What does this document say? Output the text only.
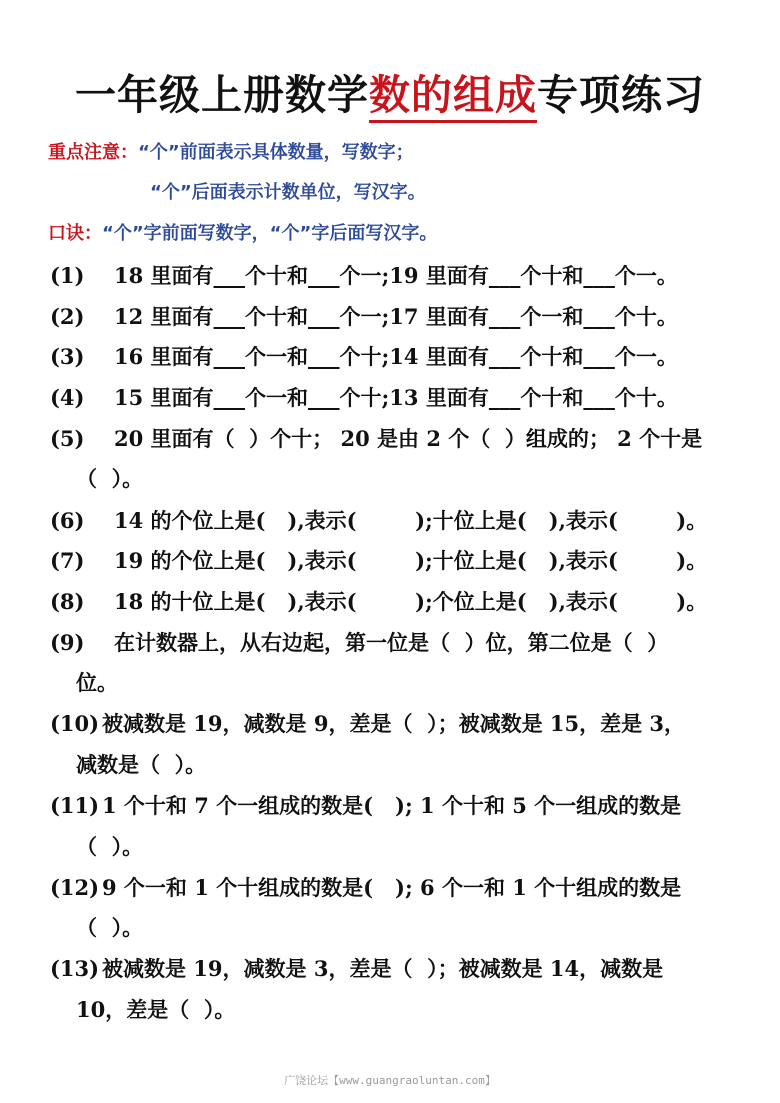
一年级上册数学数的组成专项练习
重点注意：“个”前面表示具体数量，写数字；
“个”后面表示计数单位，写汉字。
口诀：“个”字前面写数字，“个”字后面写汉字。
(1) 18 里面有___个十和___个一;19 里面有___个十和___个一。
(2) 12 里面有___个十和___个一;17 里面有___个一和___个十。
(3) 16 里面有___个一和___个十;14 里面有___个十和___个一。
(4) 15 里面有___个一和___个十;13 里面有___个十和___个十。
(5) 20 里面有（  ）个十； 20 是由 2 个（  ）组成的； 2 个十是
（  ）。
(6) 14 的个位上是(   ),表示(        );十位上是(   ),表示(        )。
(7) 19 的个位上是(   ),表示(        );十位上是(   ),表示(        )。
(8) 18 的十位上是(   ),表示(        );个位上是(   ),表示(        )。
(9) 在计数器上，从右边起，第一位是（  ）位，第二位是（  ）
位。
(10) 被减数是 19，减数是 9，差是（  ）；被减数是 15，差是 3，
减数是（  ）。
(11) 1 个十和 7 个一组成的数是(   ); 1 个十和 5 个一组成的数是
（  ）。
(12) 9 个一和 1 个十组成的数是(   ); 6 个一和 1 个十组成的数是
（  ）。
(13) 被减数是 19，减数是 3，差是（  ）；被减数是 14，减数是
10，差是（  ）。
广饶论坛【www.guangraoluntan.com】
